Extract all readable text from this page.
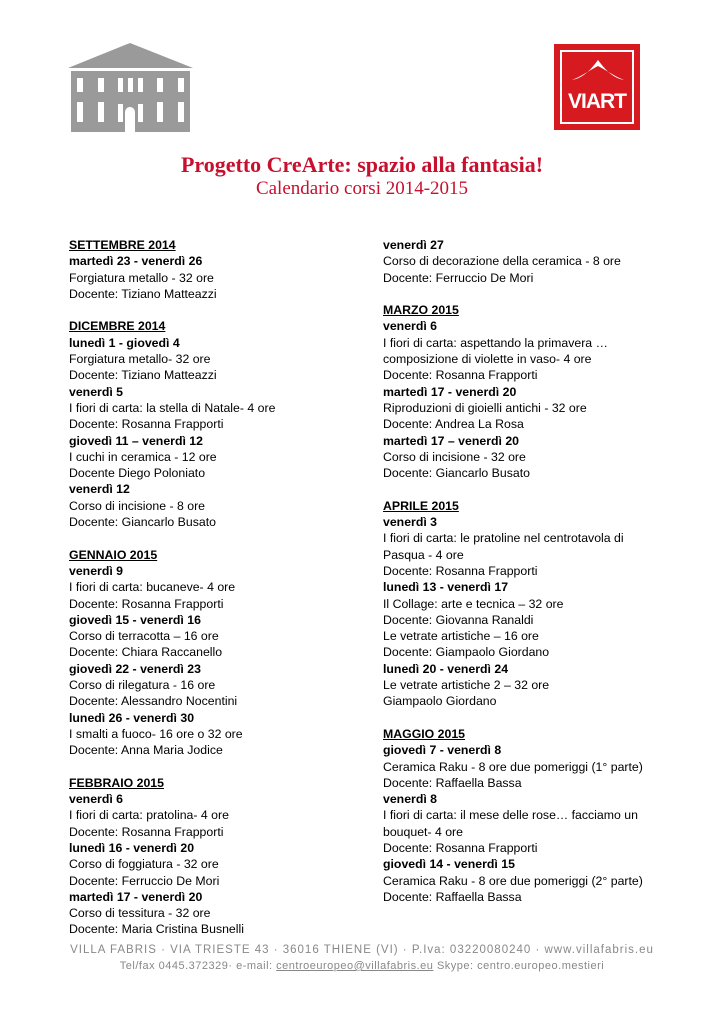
VIART
Progetto CreArte: spazio alla fantasia!
Calendario corsi 2014-2015
SETTEMBRE 2014
martedì 23 - venerdì 26
Forgiatura metallo - 32 ore
Docente: Tiziano Matteazzi
DICEMBRE 2014
lunedì 1 - giovedì 4
Forgiatura metallo- 32 ore
Docente: Tiziano Matteazzi
venerdì 5
I fiori di carta: la stella di Natale- 4 ore
Docente: Rosanna Frapporti
giovedì 11 – venerdì 12
I cuchi in ceramica - 12 ore
Docente Diego Poloniato
venerdì 12
Corso di incisione - 8 ore
Docente: Giancarlo Busato
GENNAIO 2015
venerdì 9
I fiori di carta: bucaneve- 4 ore
Docente: Rosanna Frapporti
giovedì 15 - venerdì 16
Corso di terracotta – 16 ore
Docente: Chiara Raccanello
giovedì 22 - venerdì 23
Corso di rilegatura - 16 ore
Docente: Alessandro Nocentini
lunedì 26 - venerdì 30
I smalti a fuoco- 16 ore o 32 ore
Docente: Anna Maria Jodice
FEBBRAIO 2015
venerdì 6
I fiori di carta: pratolina- 4 ore
Docente: Rosanna Frapporti
lunedì 16 - venerdì 20
Corso di foggiatura - 32 ore
Docente: Ferruccio De Mori
martedì 17 - venerdì 20
Corso di tessitura - 32 ore
Docente: Maria Cristina Busnelli
venerdì 27
Corso di decorazione della ceramica - 8 ore
Docente: Ferruccio De Mori
MARZO 2015
venerdì 6
I fiori di carta: aspettando la primavera …
composizione di violette in vaso- 4 ore
Docente: Rosanna Frapporti
martedì 17 - venerdì 20
Riproduzioni di gioielli antichi - 32 ore
Docente: Andrea La Rosa
martedì 17 – venerdì 20
Corso di incisione - 32 ore
Docente: Giancarlo Busato
APRILE 2015
venerdì 3
I fiori di carta: le pratoline nel centrotavola di
Pasqua - 4 ore
Docente: Rosanna Frapporti
lunedì 13 - venerdì 17
Il Collage: arte e tecnica – 32 ore
Docente: Giovanna Ranaldi
Le vetrate artistiche – 16 ore
Docente: Giampaolo Giordano
lunedì 20 - venerdì 24
Le vetrate artistiche 2 – 32 ore
Giampaolo Giordano
MAGGIO 2015
giovedì 7 - venerdì 8
Ceramica Raku - 8 ore due pomeriggi (1° parte)
Docente: Raffaella Bassa
venerdì 8
I fiori di carta: il mese delle rose… facciamo un
bouquet- 4 ore
Docente: Rosanna Frapporti
giovedì 14 - venerdì 15
Ceramica Raku - 8 ore due pomeriggi (2° parte)
Docente: Raffaella Bassa
VILLA FABRIS · VIA TRIESTE 43 · 36016 THIENE (VI) · P.Iva: 03220080240 · www.villafabris.eu
Tel/fax 0445.372329· e-mail: centroeuropeo@villafabris.eu Skype: centro.europeo.mestieri
